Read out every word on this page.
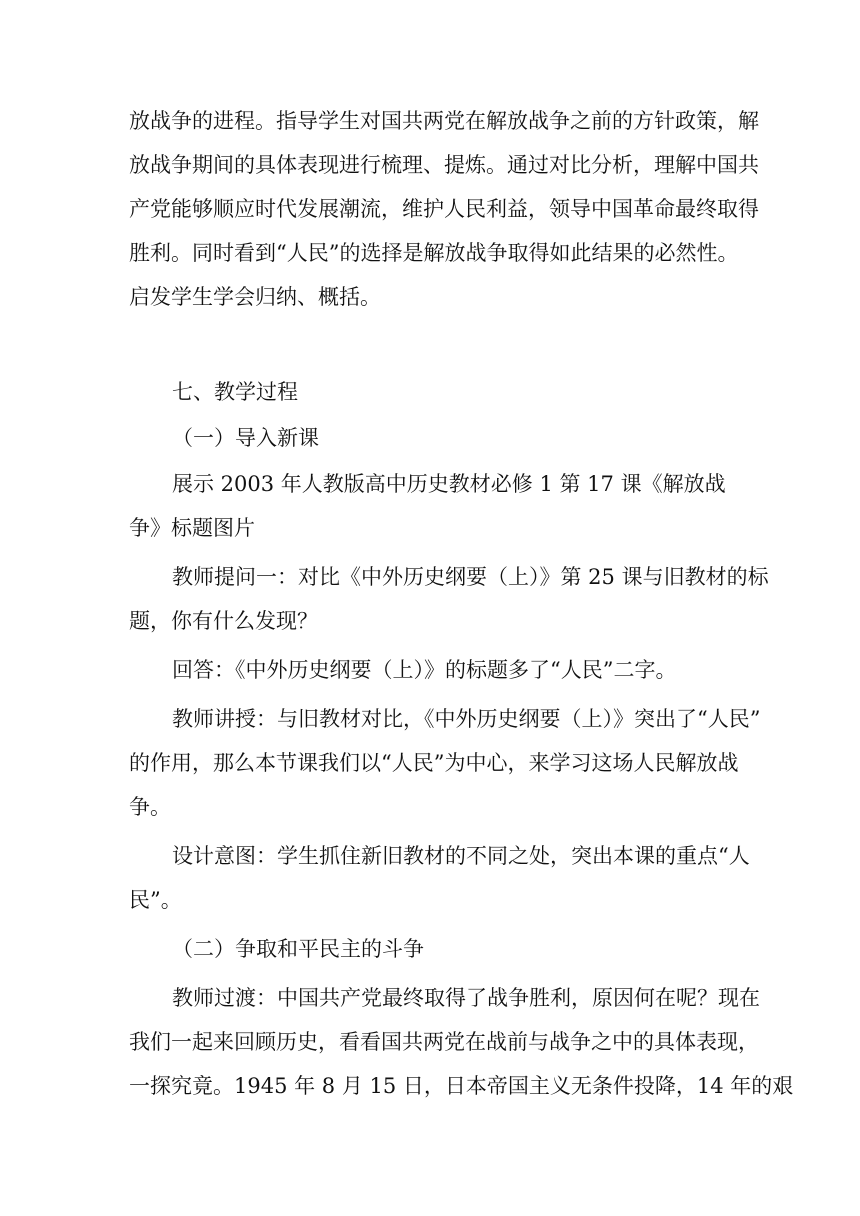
放战争的进程。指导学生对国共两党在解放战争之前的方针政策，解
放战争期间的具体表现进行梳理、提炼。通过对比分析，理解中国共
产党能够顺应时代发展潮流，维护人民利益，领导中国革命最终取得
胜利。同时看到“人民”的选择是解放战争取得如此结果的必然性。
启发学生学会归纳、概括。
七、教学过程
（一）导入新课
展示 2003 年人教版高中历史教材必修 1 第 17 课《解放战
争》标题图片
教师提问一：对比《中外历史纲要（上）》第 25 课与旧教材的标
题，你有什么发现？
回答：《中外历史纲要（上）》的标题多了“人民”二字。
教师讲授：与旧教材对比，《中外历史纲要（上）》突出了“人民”
的作用，那么本节课我们以“人民”为中心，来学习这场人民解放战
争。
设计意图：学生抓住新旧教材的不同之处，突出本课的重点“人
民”。
（二）争取和平民主的斗争
教师过渡：中国共产党最终取得了战争胜利，原因何在呢？现在
我们一起来回顾历史，看看国共两党在战前与战争之中的具体表现，
一探究竟。1945 年 8 月 15 日，日本帝国主义无条件投降，14 年的艰
